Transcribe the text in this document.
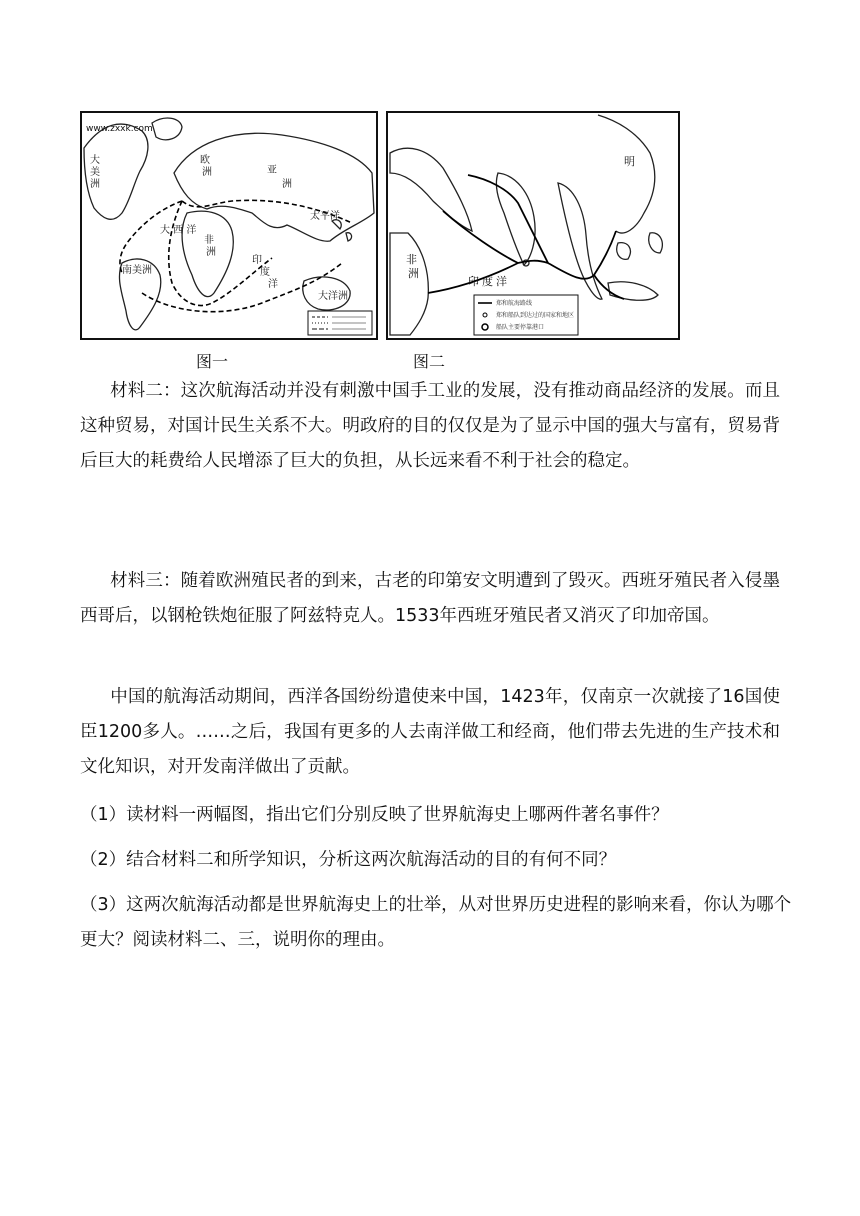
www.zxxk.com
大
美
洲
欧
洲	亚
洲
非
洲
南美洲
大洋洲
太平洋
大 西 洋
印
度
洋
明
非
洲
印 度 洋
郑和航海路线
郑和船队到达过的国家和地区
船队主要停靠港口
图一	图二
材料二：这次航海活动并没有刺激中国手工业的发展，没有推动商品经济的发展。而且这种贸易，对国计民生关系不大。明政府的目的仅仅是为了显示中国的强大与富有，贸易背后巨大的耗费给人民增添了巨大的负担，从长远来看不利于社会的稳定。
材料三：随着欧洲殖民者的到来，古老的印第安文明遭到了毁灭。西班牙殖民者入侵墨西哥后，以钢枪铁炮征服了阿兹特克人。1533年西班牙殖民者又消灭了印加帝国。
中国的航海活动期间，西洋各国纷纷遣使来中国，1423年，仅南京一次就接了16国使臣1200多人。……之后，我国有更多的人去南洋做工和经商，他们带去先进的生产技术和文化知识，对开发南洋做出了贡献。
（1）读材料一两幅图，指出它们分别反映了世界航海史上哪两件著名事件？
（2）结合材料二和所学知识，分析这两次航海活动的目的有何不同？
（3）这两次航海活动都是世界航海史上的壮举，从对世界历史进程的影响来看，你认为哪个更大？阅读材料二、三，说明你的理由。
